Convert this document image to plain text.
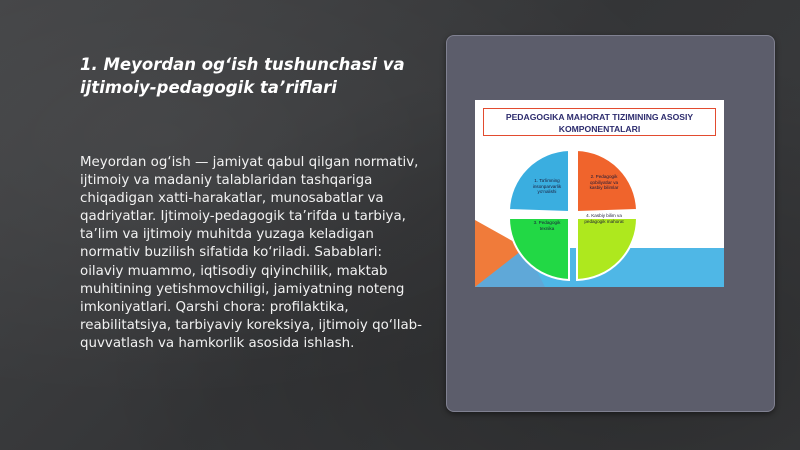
1. Meyordan og‘ish tushunchasi va ijtimoiy-pedagogik ta’riflari

Meyordan og‘ish — jamiyat qabul qilgan normativ, ijtimoiy va madaniy talablaridan tashqariga chiqadigan xatti-harakatlar, munosabatlar va qadriyatlar. Ijtimoiy-pedagogik ta’rifda u tarbiya, ta’lim va ijtimoiy muhitda yuzaga keladigan normativ buzilish sifatida ko‘riladi. Sabablari: oilaviy muammo, iqtisodiy qiyinchilik, maktab muhitining yetishmovchiligi, jamiyatning noteng imkoniyatlari. Qarshi chora: profilaktika, reabilitatsiya, tarbiyaviy koreksiya, ijtimoiy qo‘llab-quvvatlash va hamkorlik asosida ishlash.

PEDAGOGIKA MAHORAT TIZIMINING ASOSIY KOMPONENTALARI
1. Ta’limning insonparvarlik yo‘nalishi
2. Pedagogik qobiliyatlar va kasbiy bilimlar
3. Pedagogik texnika
4. Kasbiy bilim va pedagogik mahorat
